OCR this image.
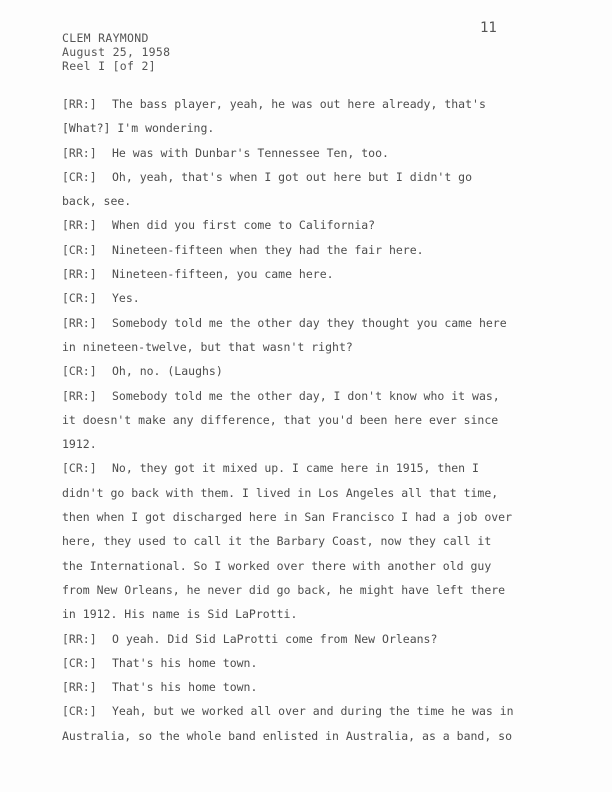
11
CLEM RAYMOND
August 25, 1958
Reel I [of 2]
[RR:] The bass player, yeah, he was out here already, that's
[What?] I'm wondering.
[RR:] He was with Dunbar's Tennessee Ten, too.
[CR:] Oh, yeah, that's when I got out here but I didn't go
back, see.
[RR:] When did you first come to California?
[CR:] Nineteen-fifteen when they had the fair here.
[RR:] Nineteen-fifteen, you came here.
[CR:] Yes.
[RR:] Somebody told me the other day they thought you came here
in nineteen-twelve, but that wasn't right?
[CR:] Oh, no. (Laughs)
[RR:] Somebody told me the other day, I don't know who it was,
it doesn't make any difference, that you'd been here ever since
1912.
[CR:] No, they got it mixed up. I came here in 1915, then I
didn't go back with them. I lived in Los Angeles all that time,
then when I got discharged here in San Francisco I had a job over
here, they used to call it the Barbary Coast, now they call it
the International. So I worked over there with another old guy
from New Orleans, he never did go back, he might have left there
in 1912. His name is Sid LaProtti.
[RR:] O yeah. Did Sid LaProtti come from New Orleans?
[CR:] That's his home town.
[RR:] That's his home town.
[CR:] Yeah, but we worked all over and during the time he was in
Australia, so the whole band enlisted in Australia, as a band, so
